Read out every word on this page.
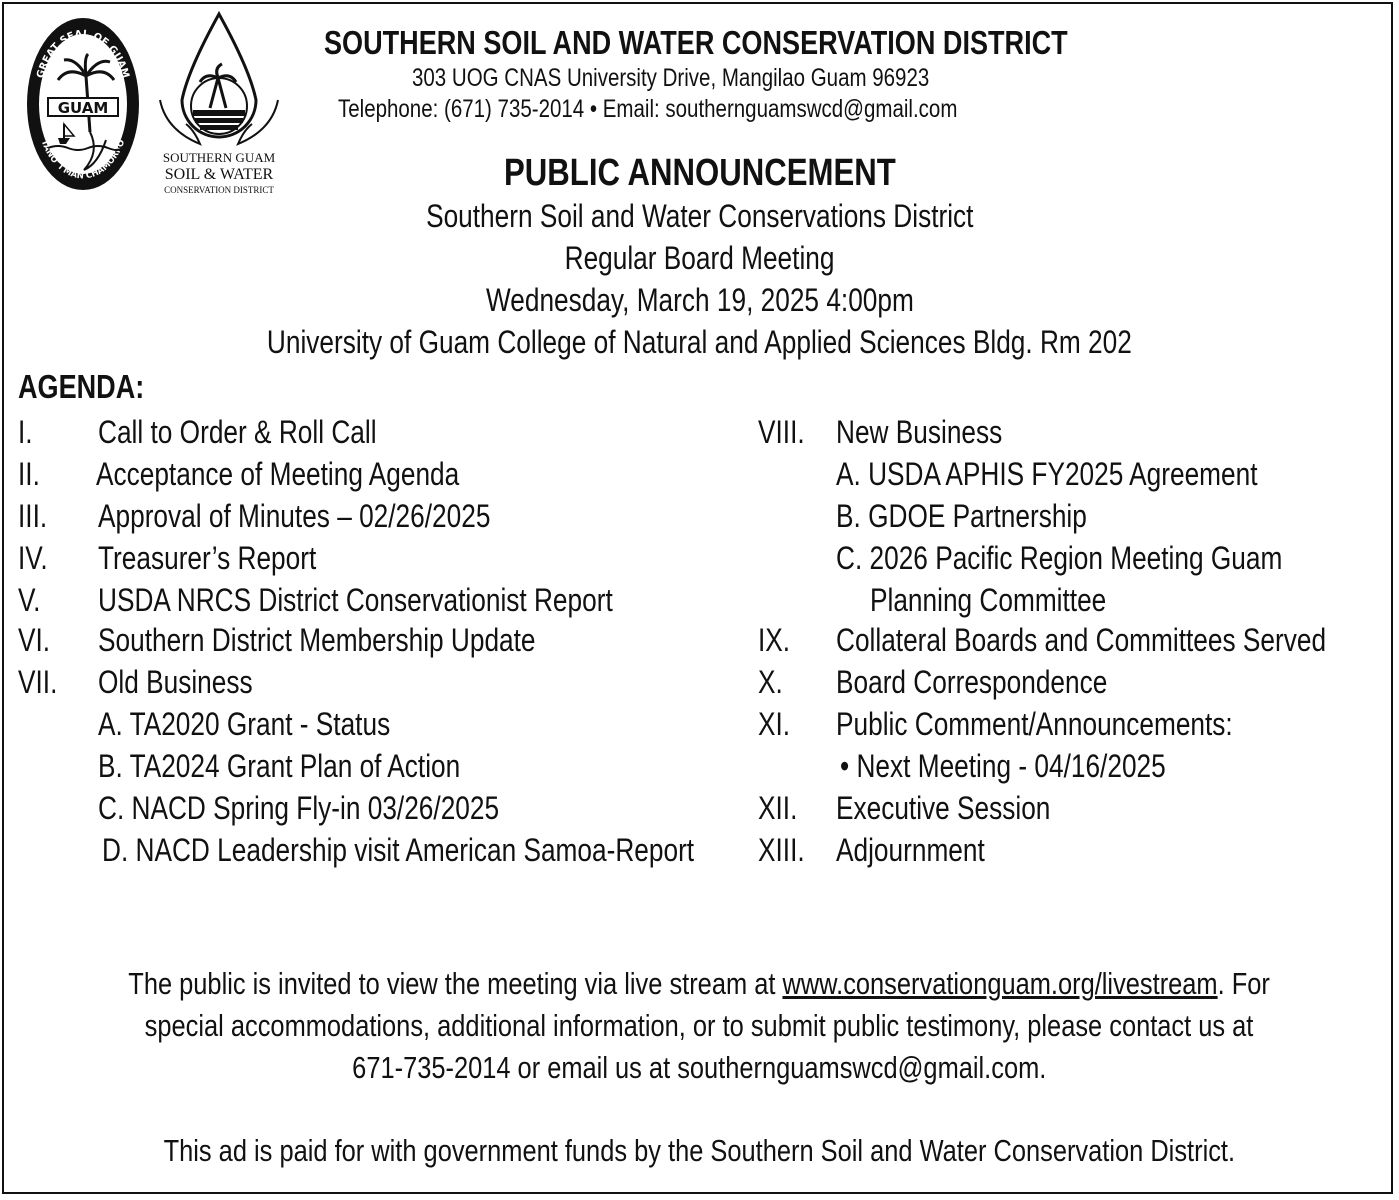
GREAT SEAL OF GUAM
TANO' I MAN CHAMORRO
GUAM
SOUTHERN GUAM
SOIL & WATER
CONSERVATION DISTRICT
SOUTHERN SOIL AND WATER CONSERVATION DISTRICT
303 UOG CNAS University Drive, Mangilao Guam 96923
Telephone: (671) 735-2014 • Email: southernguamswcd@gmail.com
PUBLIC ANNOUNCEMENT
Southern Soil and Water Conservations District
Regular Board Meeting
Wednesday, March 19, 2025 4:00pm
University of Guam College of Natural and Applied Sciences Bldg. Rm 202
AGENDA:
I. Call to Order & Roll Call
II. Acceptance of Meeting Agenda
III. Approval of Minutes – 02/26/2025
IV. Treasurer’s Report
V. USDA NRCS District Conservationist Report
VI. Southern District Membership Update
VII. Old Business
A. TA2020 Grant - Status
B. TA2024 Grant Plan of Action
C. NACD Spring Fly-in 03/26/2025
D. NACD Leadership visit American Samoa-Report
VIII. New Business
A. USDA APHIS FY2025 Agreement
B. GDOE Partnership
C. 2026 Pacific Region Meeting Guam
Planning Committee
IX. Collateral Boards and Committees Served
X. Board Correspondence
XI. Public Comment/Announcements:
• Next Meeting - 04/16/2025
XII. Executive Session
XIII. Adjournment
The public is invited to view the meeting via live stream at www.conservationguam.org/livestream. For
special accommodations, additional information, or to submit public testimony, please contact us at
671-735-2014 or email us at southernguamswcd@gmail.com.
This ad is paid for with government funds by the Southern Soil and Water Conservation District.
